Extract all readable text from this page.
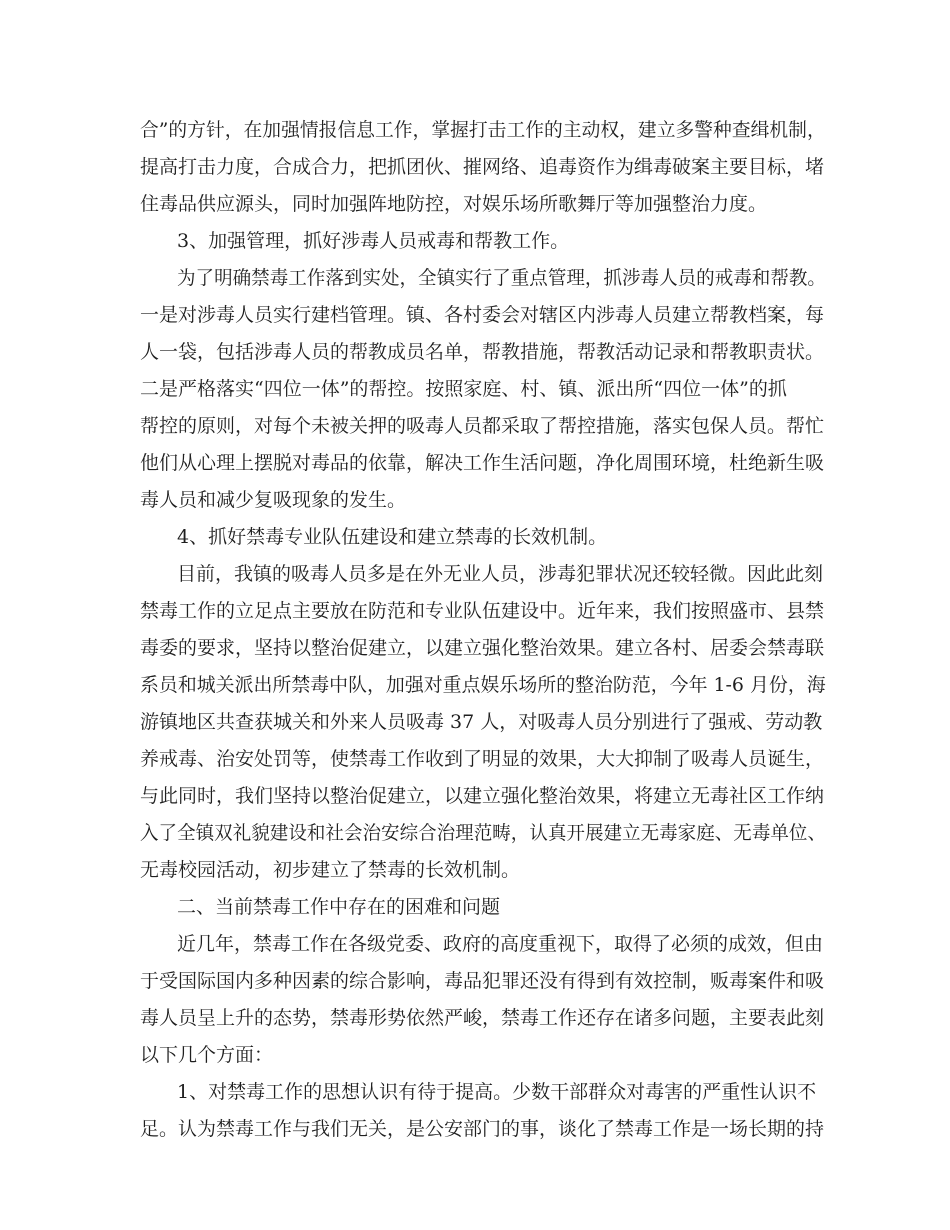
合”的方针，在加强情报信息工作，掌握打击工作的主动权，建立多警种查缉机制，
提高打击力度，合成合力，把抓团伙、摧网络、追毒资作为缉毒破案主要目标，堵
住毒品供应源头，同时加强阵地防控，对娱乐场所歌舞厅等加强整治力度。
3、加强管理，抓好涉毒人员戒毒和帮教工作。
为了明确禁毒工作落到实处，全镇实行了重点管理，抓涉毒人员的戒毒和帮教。
一是对涉毒人员实行建档管理。镇、各村委会对辖区内涉毒人员建立帮教档案，每
人一袋，包括涉毒人员的帮教成员名单，帮教措施，帮教活动记录和帮教职责状。
二是严格落实“四位一体”的帮控。按照家庭、村、镇、派出所“四位一体”的抓
帮控的原则，对每个未被关押的吸毒人员都采取了帮控措施，落实包保人员。帮忙
他们从心理上摆脱对毒品的依靠，解决工作生活问题，净化周围环境，杜绝新生吸
毒人员和减少复吸现象的发生。
4、抓好禁毒专业队伍建设和建立禁毒的长效机制。
目前，我镇的吸毒人员多是在外无业人员，涉毒犯罪状况还较轻微。因此此刻
禁毒工作的立足点主要放在防范和专业队伍建设中。近年来，我们按照盛市、县禁
毒委的要求，坚持以整治促建立，以建立强化整治效果。建立各村、居委会禁毒联
系员和城关派出所禁毒中队，加强对重点娱乐场所的整治防范，今年 1-6 月份，海
游镇地区共查获城关和外来人员吸毒 37 人，对吸毒人员分别进行了强戒、劳动教
养戒毒、治安处罚等，使禁毒工作收到了明显的效果，大大抑制了吸毒人员诞生，
与此同时，我们坚持以整治促建立，以建立强化整治效果，将建立无毒社区工作纳
入了全镇双礼貌建设和社会治安综合治理范畴，认真开展建立无毒家庭、无毒单位、
无毒校园活动，初步建立了禁毒的长效机制。
二、当前禁毒工作中存在的困难和问题
近几年，禁毒工作在各级党委、政府的高度重视下，取得了必须的成效，但由
于受国际国内多种因素的综合影响，毒品犯罪还没有得到有效控制，贩毒案件和吸
毒人员呈上升的态势，禁毒形势依然严峻，禁毒工作还存在诸多问题，主要表此刻
以下几个方面：
1、对禁毒工作的思想认识有待于提高。少数干部群众对毒害的严重性认识不
足。认为禁毒工作与我们无关，是公安部门的事，谈化了禁毒工作是一场长期的持
